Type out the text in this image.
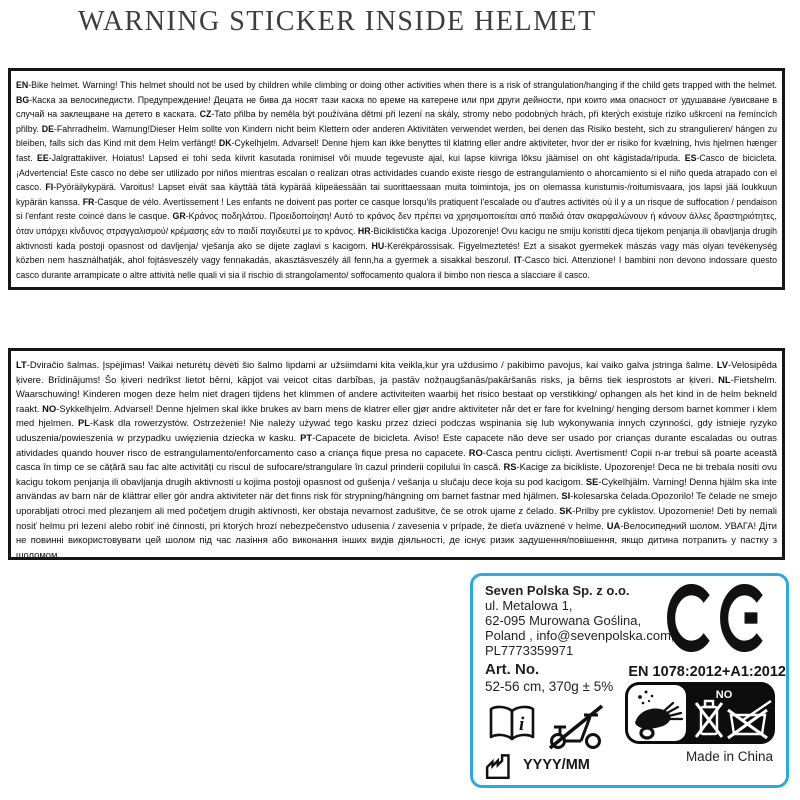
WARNING STICKER INSIDE HELMET
EN-Bike helmet. Warning! This helmet should not be used by children while climbing or doing other activities when there is a risk of strangulation/hanging if the child gets trapped with the helmet. BG-Каска за велосипедисти. Предупреждение! Децата не бива да носят тази каска по време на катерене или при други дейности, при които има опасност от удушаване /увисване в случай на заклещване на детето в каската. CZ-Tato přilba by neměla být používána dětmi při lezení na skály, stromy nebo podobných hrách, při kterých existuje riziko uškrcení na řemíncích přilby. DE-Fahrradhelm. Warnung!Dieser Helm sollte von Kindern nicht beim Klettern oder anderen Aktivitäten verwendet werden, bei denen das Risiko besteht, sich zu strangulieren/ hängen zu bleiben, falls sich das Kind mit dem Helm verfängt! DK-Cykelhjelm. Advarsel! Denne hjem kan ikke benyttes til klatring eller andre aktiviteter, hvor der er risiko for kvælning, hvis hjelmen hænger fast. EE-Jalgrattakiiver. Hoiatus! Lapsed ei tohi seda kiivrit kasutada ronimisel või muude tegevuste ajal, kui lapse kiivriga lõksu jäämisel on oht kägistada/ripuda. ES-Casco de bicicleta. ¡Advertencia! Este casco no debe ser utilizado por niños mientras escalan o realizan otras actividades cuando existe riesgo de estrangulamiento o ahorcamiento si el niño queda atrapado con el casco. FI-Pyöräilykypärä. Varoitus! Lapset eivät saa käyttää tätä kypärää kiipeäessään tai suorittaessaan muita toimintoja, jos on olemassa kuristumis-/roitumisvaara, jos lapsi jää loukkuun kypärän kanssa. FR-Casque de vélo. Avertissement ! Les enfants ne doivent pas porter ce casque lorsqu'ils pratiquent l'escalade ou d'autres activités où il y a un risque de suffocation / pendaison si l'enfant reste coincé dans le casque. GR-Κράνος ποδηλάτου. Προειδοποίηση! Αυτό το κράνος δεν πρέπει να χρησιμοποιείται από παιδιά όταν σκαρφαλώνουν ή κάνουν άλλες δραστηριότητες, όταν υπάρχει κίνδυνος στραγγαλισμού/ κρέμασης εάν το παιδί παγιδευτεί με το κράνος. HR-Biciklistička kaciga .Upozorenje! Ovu kacigu ne smiju koristiti djeca tijekom penjanja ili obavljanja drugih aktivnosti kada postoji opasnost od davljenja/ vješanja ako se dijete zaglavi s kacigom. HU-Kerékpárossisak. Figyelmeztetés! Ezt a sisakot gyermekek mászás vagy más olyan tevékenység közben nem használhatják, ahol fojtásveszély vagy fennakadás, akasztásveszély áll fenn,ha a gyermek a sisakkal beszorul. IT-Casco bici. Attenzione! I bambini non devono indossare questo casco durante arrampicate o altre attività nelle quali vi sia il rischio di strangolamento/ soffocamento qualora il bimbo non riesca a slacciare il casco.
LT-Dviračio šalmas. Įspėjimas! Vaikai neturėtų dėvėti šio šalmo lipdami ar užsiimdami kita veikla,kur yra uždusimo / pakibimo pavojus, kai vaiko galva įstringa šalme. LV-Velosipēda ķivere. Brīdinājums! Šo ķiveri nedrīkst lietot bērni, kāpjot vai veicot citas darbības, ja pastāv nožņaugšanās/pakāršanās risks, ja bērns tiek iesprostots ar ķiveri. NL-Fietshelm. Waarschuwing! Kinderen mogen deze helm niet dragen tijdens het klimmen of andere activiteiten waarbij het risico bestaat op verstikking/ ophangen als het kind in de helm bekneld raakt. NO-Sykkelhjelm. Advarsel! Denne hjelmen skal ikke brukes av barn mens de klatrer eller gjør andre aktiviteter når det er fare for kvelning/ henging dersom barnet kommer i klem med hjelmen. PL-Kask dla rowerzystów. Ostrzeżenie! Nie należy używać tego kasku przez dzieci podczas wspinania się lub wykonywania innych czynności, gdy istnieje ryzyko uduszenia/powieszenia w przypadku uwięzienia dziecka w kasku. PT-Capacete de bicicleta. Aviso! Este capacete não deve ser usado por crianças durante escaladas ou outras atividades quando houver risco de estrangulamento/enforcamento caso a criança fique presa no capacete. RO-Casca pentru cicliști. Avertisment! Copii n-ar trebui să poarte această casca în timp ce se cățără sau fac alte activități cu riscul de sufocare/strangulare în cazul prinderii copilului în cască. RS-Kacige za bicikliste. Upozorenje! Deca ne bi trebala nositi ovu kacigu tokom penjanja ili obavljanja drugih aktivnosti u kojima postoji opasnost od gušenja / vešanja u slučaju dece koja su pod kacigom. SE-Cykelhjälm. Varning! Denna hjälm ska inte användas av barn när de klättrar eller gör andra aktiviteter när det finns risk för strypning/hängning om barnet fastnar med hjälmen. SI-kolesarska čelada.Opozorilo! Te čelade ne smejo uporabljati otroci med plezanjem ali med početjem drugih aktivnosti, ker obstaja nevarnost zadušitve, če se otrok ujame z čelado. SK-Prilby pre cyklistov. Upozornenie! Deti by nemali nosiť helmu pri lezení alebo robiť iné činnosti, pri ktorých hrozí nebezpečenstvo udusenia / zavesenia v prípade, že dieťa uväznené v helme. UA-Велосипедний шолом. УВАГА! Діти не повинні використовувати цей шолом під час лазіння або виконання інших видів діяльності, де існує ризик задушення/повішення, якщо дитина потрапить у пастку з шоломом.
Seven Polska Sp. z o.o.
ul. Metalowa 1,
62-095 Murowana Goślina,
Poland , info@sevenpolska.com,
PL7773359971
Art. No.
52-56 cm, 370g ± 5%
EN 1078:2012+A1:2012
NO
Made in China
i
YYYY/MM
